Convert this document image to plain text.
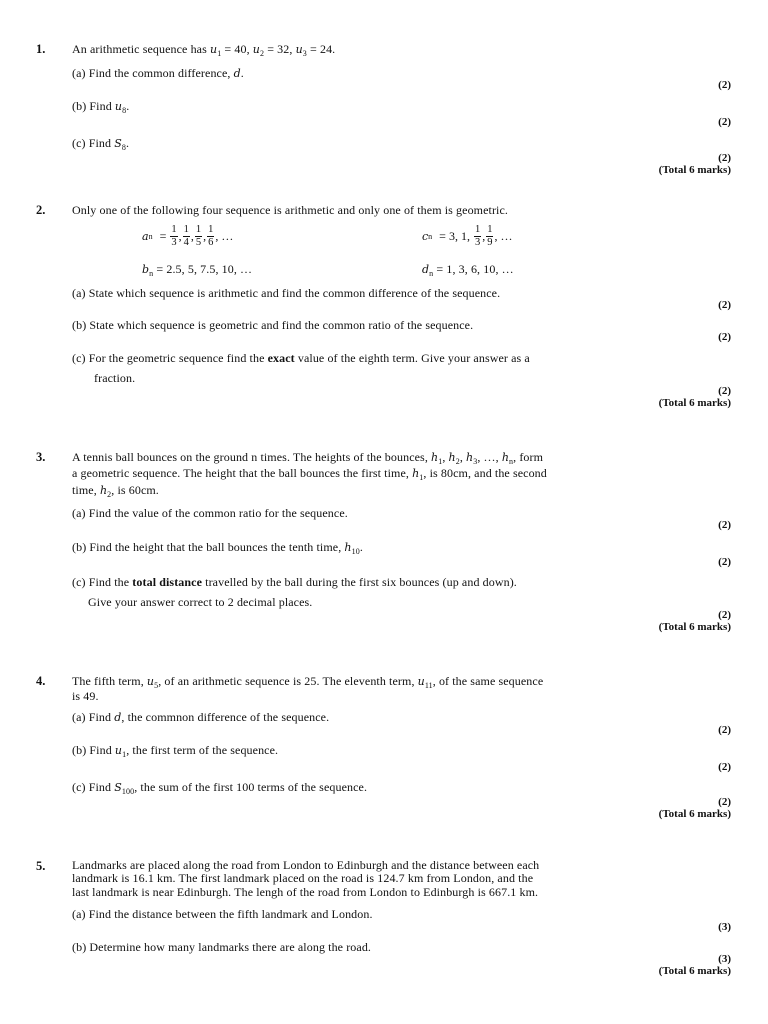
1. An arithmetic sequence has $u_1 = 40$, $u_2 = 32$, $u_3 = 24$.
(a) Find the common difference, d.
(2)
(b) Find $u_8$.
(2)
(c) Find $S_8$.
(2)
(Total 6 marks)
2. Only one of the following four sequence is arithmetic and only one of them is geometric.
a $n = \frac{1}{3}$ , $\frac{1}{4}$ , $\frac{1}{5}$ , $\frac{1}{6}$ , …	c n
= 3, 1,
$\frac{1}{3}$ , $\frac{1}{9}$ , …
$b_n = 2.5$, 5, 7.5, 10, …	$d_n = 1$, 3, 6, 10, …
(a) State which sequence is arithmetic and find the common difference of the sequence.
(2)
(b) State which sequence is geometric and find the common ratio of the sequence.
(2)
(c) For the geometric sequence find the exact value of the eighth term. Give your answer as a
fraction.
(2)
(Total 6 marks)
3. A tennis ball bounces on the ground n times. The heights of the bounces, $h_1$, $h_2$, $h_3$, …, $h_n$, form
a geometric sequence. The height that the ball bounces the first time, $h_1$, is 80cm, and the second
time, $h_2$, is 60cm.
(a) Find the value of the common ratio for the sequence.
(2)
(b) Find the height that the ball bounces the tenth time, $h_{10}$.
(2)
(c) Find the total distance travelled by the ball during the first six bounces (up and down).
Give your answer correct to 2 decimal places.
(2)
(Total 6 marks)
4. The fifth term, $u_5$, of an arithmetic sequence is 25. The eleventh term, $u_{11}$, of the same sequence
is 49.
(a) Find d, the commnon difference of the sequence.
(2)
(b) Find $u_1$, the first term of the sequence.
(2)
(c) Find $S_{100}$, the sum of the first 100 terms of the sequence.
(2)
(Total 6 marks)
5. Landmarks are placed along the road from London to Edinburgh and the distance between each
landmark is 16.1 km. The first landmark placed on the road is 124.7 km from London, and the
last landmark is near Edinburgh. The lengh of the road from London to Edinburgh is 667.1 km.
(a) Find the distance between the fifth landmark and London.
(3)
(b) Determine how many landmarks there are along the road.
(3)
(Total 6 marks)
